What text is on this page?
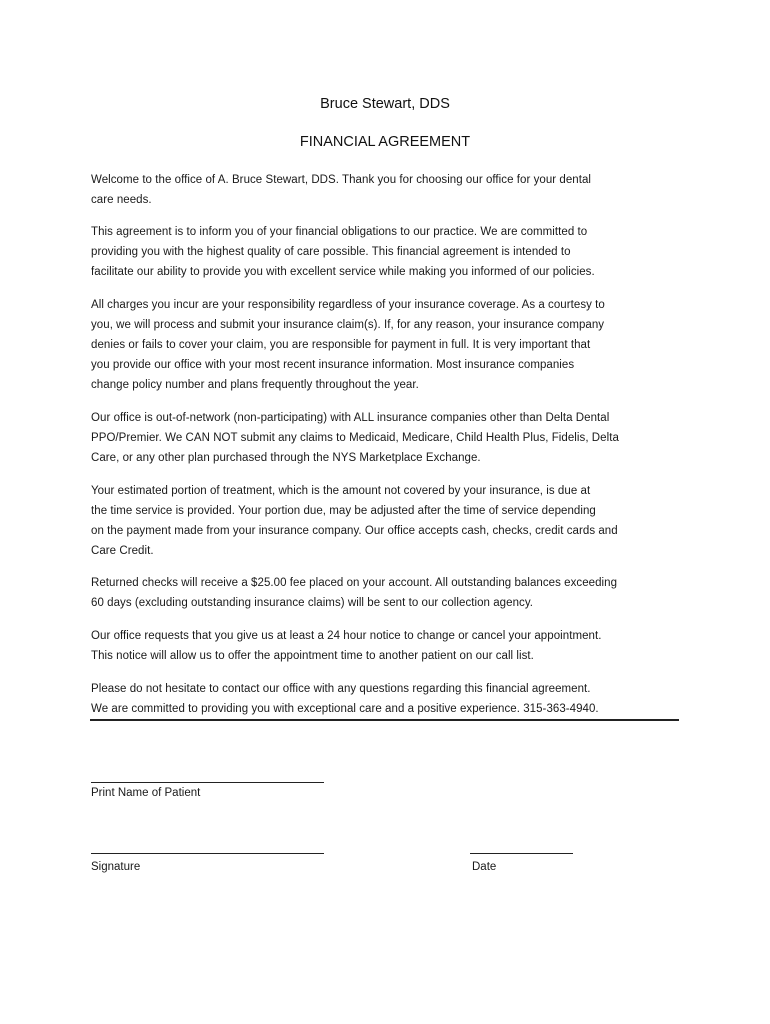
Bruce Stewart, DDS
FINANCIAL AGREEMENT

Welcome to the office of A. Bruce Stewart, DDS. Thank you for choosing our office for your dental
care needs.

This agreement is to inform you of your financial obligations to our practice. We are committed to
providing you with the highest quality of care possible. This financial agreement is intended to
facilitate our ability to provide you with excellent service while making you informed of our policies.

All charges you incur are your responsibility regardless of your insurance coverage. As a courtesy to
you, we will process and submit your insurance claim(s). If, for any reason, your insurance company
denies or fails to cover your claim, you are responsible for payment in full. It is very important that
you provide our office with your most recent insurance information. Most insurance companies
change policy number and plans frequently throughout the year.

Our office is out-of-network (non-participating) with ALL insurance companies other than Delta Dental
PPO/Premier. We CAN NOT submit any claims to Medicaid, Medicare, Child Health Plus, Fidelis, Delta
Care, or any other plan purchased through the NYS Marketplace Exchange.

Your estimated portion of treatment, which is the amount not covered by your insurance, is due at
the time service is provided. Your portion due, may be adjusted after the time of service depending
on the payment made from your insurance company. Our office accepts cash, checks, credit cards and
Care Credit.

Returned checks will receive a $25.00 fee placed on your account. All outstanding balances exceeding
60 days (excluding outstanding insurance claims) will be sent to our collection agency.

Our office requests that you give us at least a 24 hour notice to change or cancel your appointment.
This notice will allow us to offer the appointment time to another patient on our call list.

Please do not hesitate to contact our office with any questions regarding this financial agreement.
We are committed to providing you with exceptional care and a positive experience. 315-363-4940.

Print Name of Patient
Signature	Date
